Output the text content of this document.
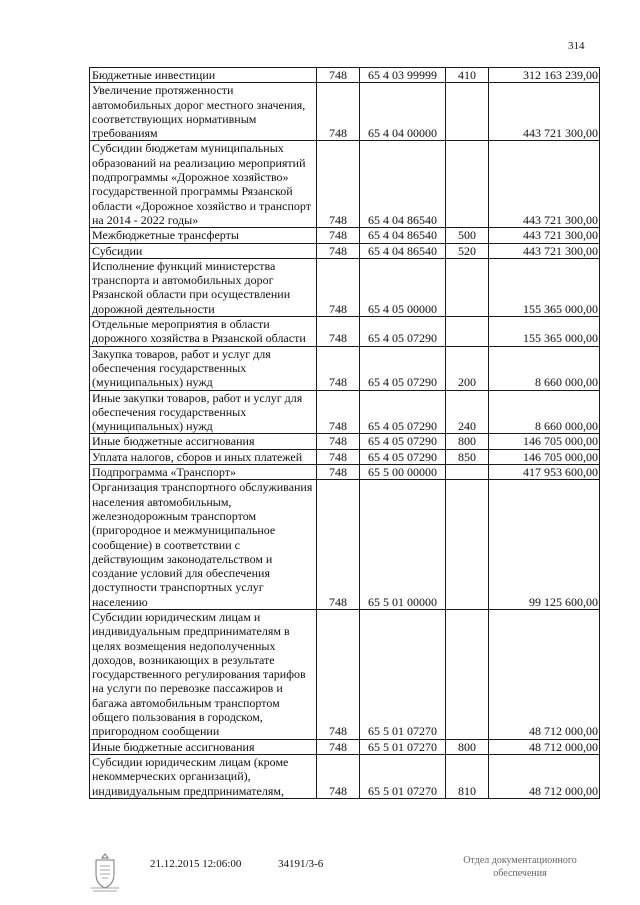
314
Бюджетные инвестиции	748	65 4 03 99999	410	312 163 239,00
Увеличение протяженности автомобильных дорог местного значения, соответствующих нормативным требованиям	748	65 4 04 00000		443 721 300,00
Субсидии бюджетам муниципальных образований на реализацию мероприятий подпрограммы «Дорожное хозяйство» государственной программы Рязанской области «Дорожное хозяйство и транспорт на 2014 - 2022 годы»	748	65 4 04 86540		443 721 300,00
Межбюджетные трансферты	748	65 4 04 86540	500	443 721 300,00
Субсидии	748	65 4 04 86540	520	443 721 300,00
Исполнение функций министерства транспорта и автомобильных дорог Рязанской области при осуществлении дорожной деятельности	748	65 4 05 00000		155 365 000,00
Отдельные мероприятия в области дорожного хозяйства в Рязанской области	748	65 4 05 07290		155 365 000,00
Закупка товаров, работ и услуг для обеспечения государственных (муниципальных) нужд	748	65 4 05 07290	200	8 660 000,00
Иные закупки товаров, работ и услуг для обеспечения государственных (муниципальных) нужд	748	65 4 05 07290	240	8 660 000,00
Иные бюджетные ассигнования	748	65 4 05 07290	800	146 705 000,00
Уплата налогов, сборов и иных платежей	748	65 4 05 07290	850	146 705 000,00
Подпрограмма «Транспорт»	748	65 5 00 00000		417 953 600,00
Организация транспортного обслуживания населения автомобильным, железнодорожным транспортом (пригородное и межмуниципальное сообщение) в соответствии с действующим законодательством и создание условий для обеспечения доступности транспортных услуг населению	748	65 5 01 00000		99 125 600,00
Субсидии юридическим лицам и индивидуальным предпринимателям в целях возмещения недополученных доходов, возникающих в результате государственного регулирования тарифов на услуги по перевозке пассажиров и багажа автомобильным транспортом общего пользования в городском, пригородном сообщении	748	65 5 01 07270		48 712 000,00
Иные бюджетные ассигнования	748	65 5 01 07270	800	48 712 000,00
Субсидии юридическим лицам (кроме некоммерческих организаций), индивидуальным предпринимателям,	748	65 5 01 07270	810	48 712 000,00
21.12.2015 12:06:00	34191/3-6	Отдел документационного
обеспечения
